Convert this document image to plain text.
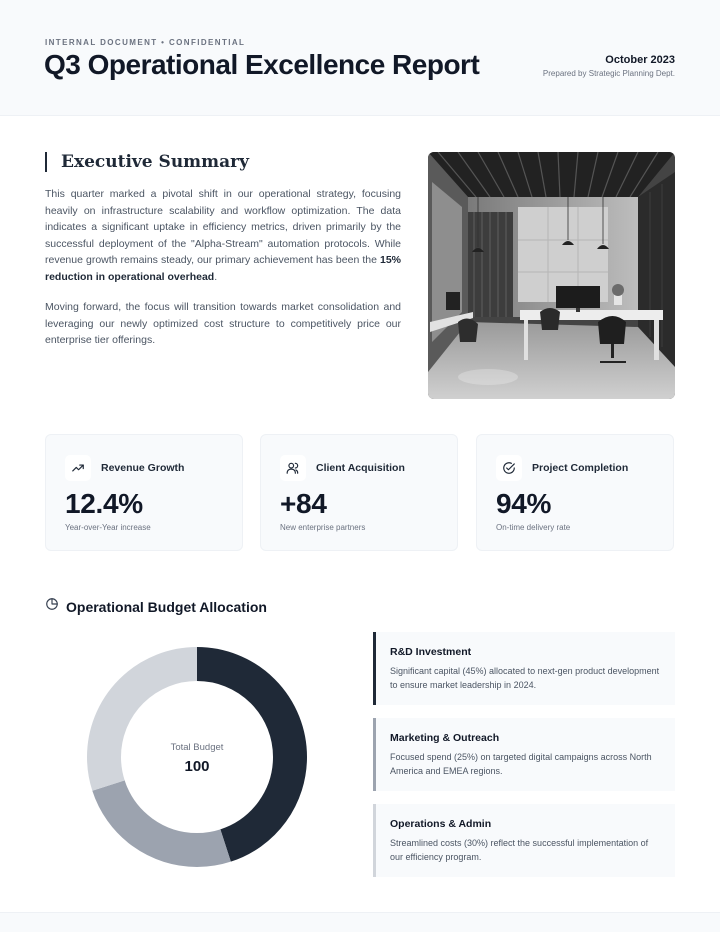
INTERNAL DOCUMENT • CONFIDENTIAL
Q3 Operational Excellence Report	October 2023
Prepared by Strategic Planning Dept.
Executive Summary

This quarter marked a pivotal shift in our operational strategy, focusing heavily on infrastructure scalability and workflow optimization. The data indicates a significant uptake in efficiency metrics, driven primarily by the successful deployment of the "Alpha-Stream" automation protocols. While revenue growth remains steady, our primary achievement has been the 15% reduction in operational overhead.

Moving forward, the focus will transition towards market consolidation and leveraging our newly optimized cost structure to competitively price our enterprise tier offerings.

Revenue Growth
12.4%
Year-over-Year increase
Client Acquisition
+84
New enterprise partners
Project Completion
94%
On-time delivery rate
Operational Budget Allocation
Total Budget
100
R&D Investment
Significant capital (45%) allocated to next-gen product development to ensure market leadership in 2024.
Marketing & Outreach
Focused spend (25%) on targeted digital campaigns across North America and EMEA regions.
Operations & Admin
Streamlined costs (30%) reflect the successful implementation of our efficiency program.
